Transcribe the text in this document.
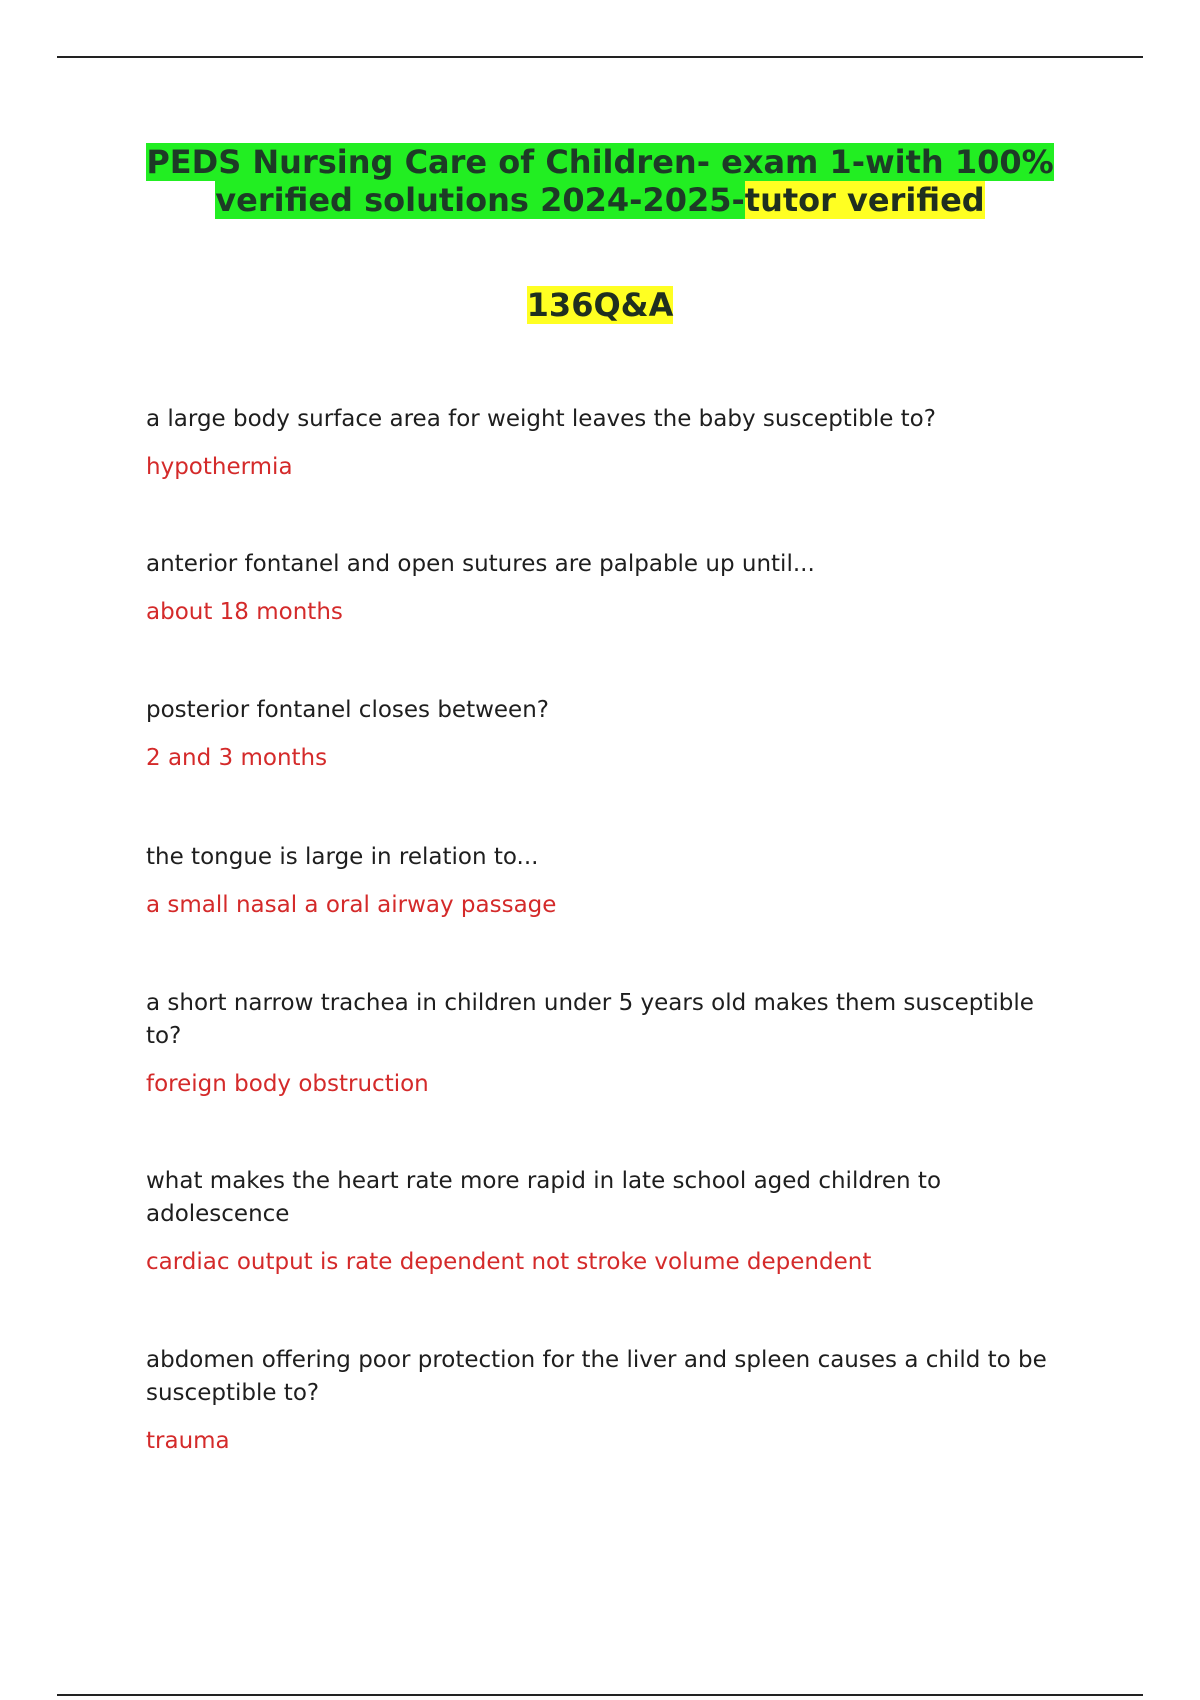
PEDS Nursing Care of Children- exam 1-with 100% verified solutions 2024-2025-tutor verified
136Q&A

a large body surface area for weight leaves the baby susceptible to?

hypothermia

anterior fontanel and open sutures are palpable up until...

about 18 months

posterior fontanel closes between?

2 and 3 months

the tongue is large in relation to...

a small nasal a oral airway passage

a short narrow trachea in children under 5 years old makes them susceptible to?

foreign body obstruction

what makes the heart rate more rapid in late school aged children to adolescence

cardiac output is rate dependent not stroke volume dependent

abdomen offering poor protection for the liver and spleen causes a child to be susceptible to?

trauma
